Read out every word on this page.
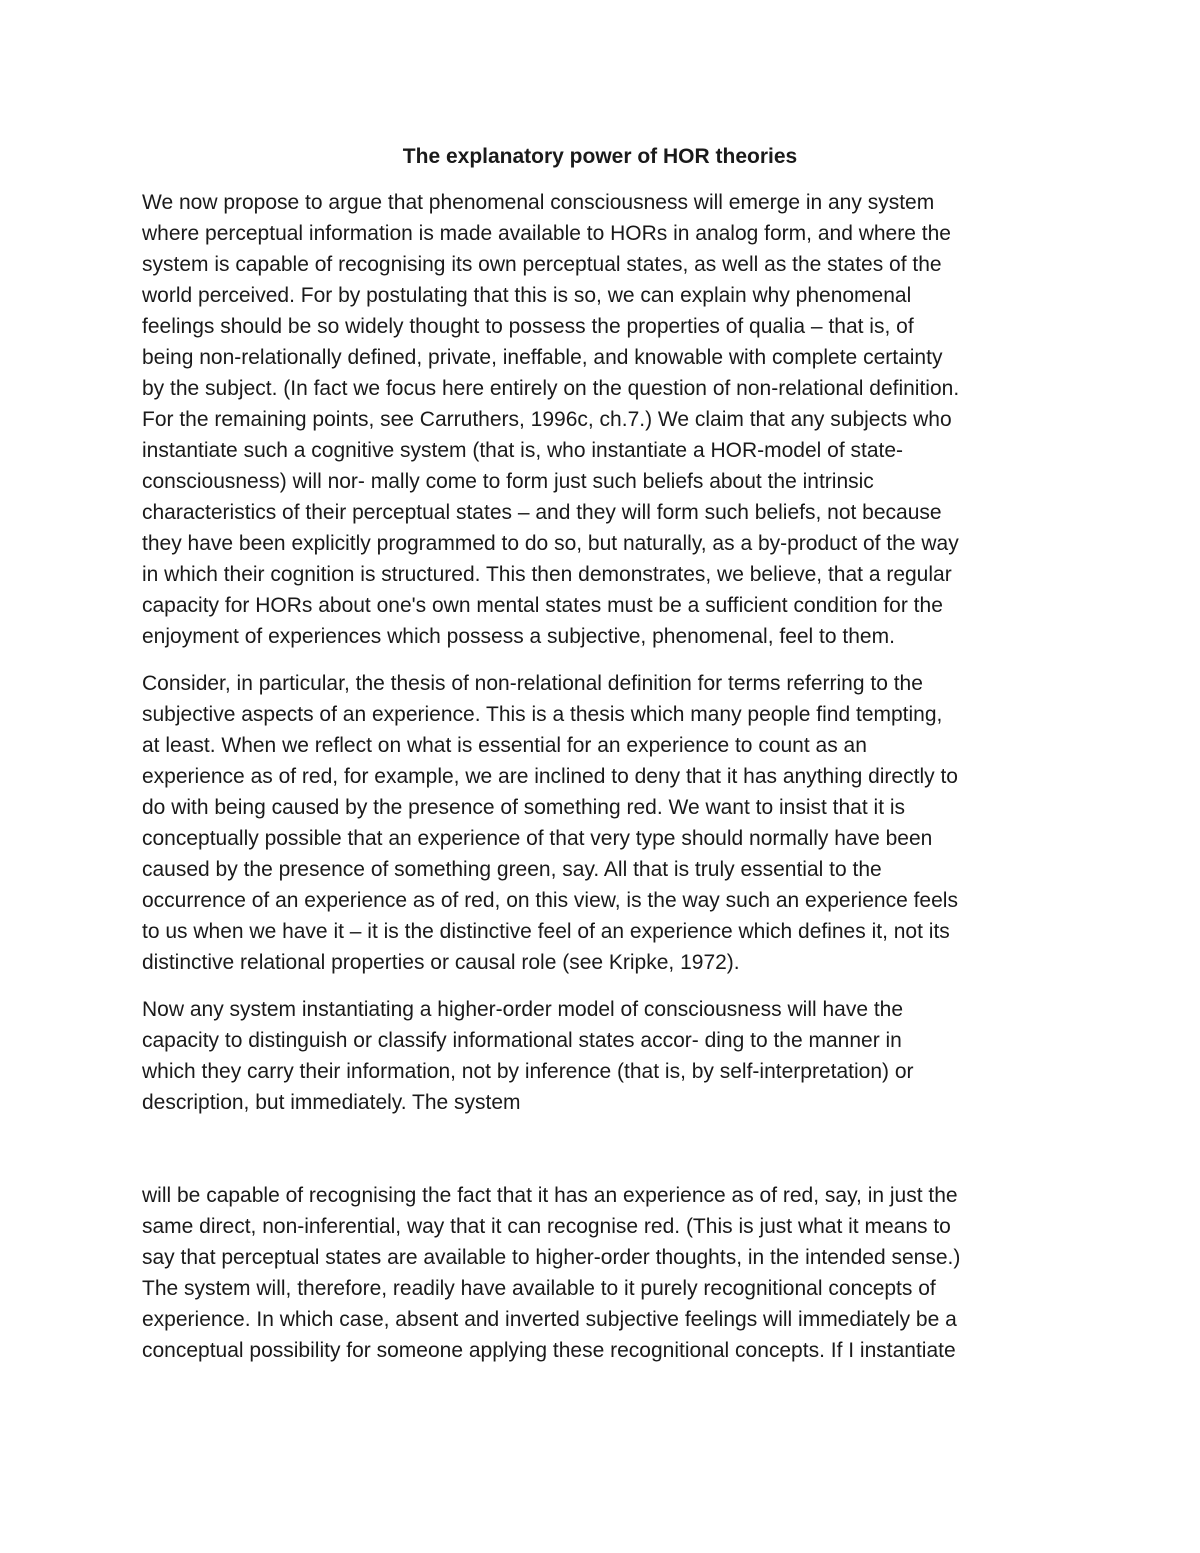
The explanatory power of HOR theories
We now propose to argue that phenomenal consciousness will emerge in any system
where perceptual information is made available to HORs in analog form, and where the
system is capable of recognising its own perceptual states, as well as the states of the
world perceived. For by postulating that this is so, we can explain why phenomenal
feelings should be so widely thought to possess the properties of qualia – that is, of
being non-relationally defined, private, ineffable, and knowable with complete certainty
by the subject. (In fact we focus here entirely on the question of non-relational definition.
For the remaining points, see Carruthers, 1996c, ch.7.) We claim that any subjects who
instantiate such a cognitive system (that is, who instantiate a HOR-model of state-
consciousness) will nor- mally come to form just such beliefs about the intrinsic
characteristics of their perceptual states – and they will form such beliefs, not because
they have been explicitly programmed to do so, but naturally, as a by-product of the way
in which their cognition is structured. This then demonstrates, we believe, that a regular
capacity for HORs about one's own mental states must be a sufficient condition for the
enjoyment of experiences which possess a subjective, phenomenal, feel to them.
Consider, in particular, the thesis of non-relational definition for terms referring to the
subjective aspects of an experience. This is a thesis which many people find tempting,
at least. When we reflect on what is essential for an experience to count as an
experience as of red, for example, we are inclined to deny that it has anything directly to
do with being caused by the presence of something red. We want to insist that it is
conceptually possible that an experience of that very type should normally have been
caused by the presence of something green, say. All that is truly essential to the
occurrence of an experience as of red, on this view, is the way such an experience feels
to us when we have it – it is the distinctive feel of an experience which defines it, not its
distinctive relational properties or causal role (see Kripke, 1972).
Now any system instantiating a higher-order model of consciousness will have the
capacity to distinguish or classify informational states accor- ding to the manner in
which they carry their information, not by inference (that is, by self-interpretation) or
description, but immediately. The system
will be capable of recognising the fact that it has an experience as of red, say, in just the
same direct, non-inferential, way that it can recognise red. (This is just what it means to
say that perceptual states are available to higher-order thoughts, in the intended sense.)
The system will, therefore, readily have available to it purely recognitional concepts of
experience. In which case, absent and inverted subjective feelings will immediately be a
conceptual possibility for someone applying these recognitional concepts. If I instantiate
